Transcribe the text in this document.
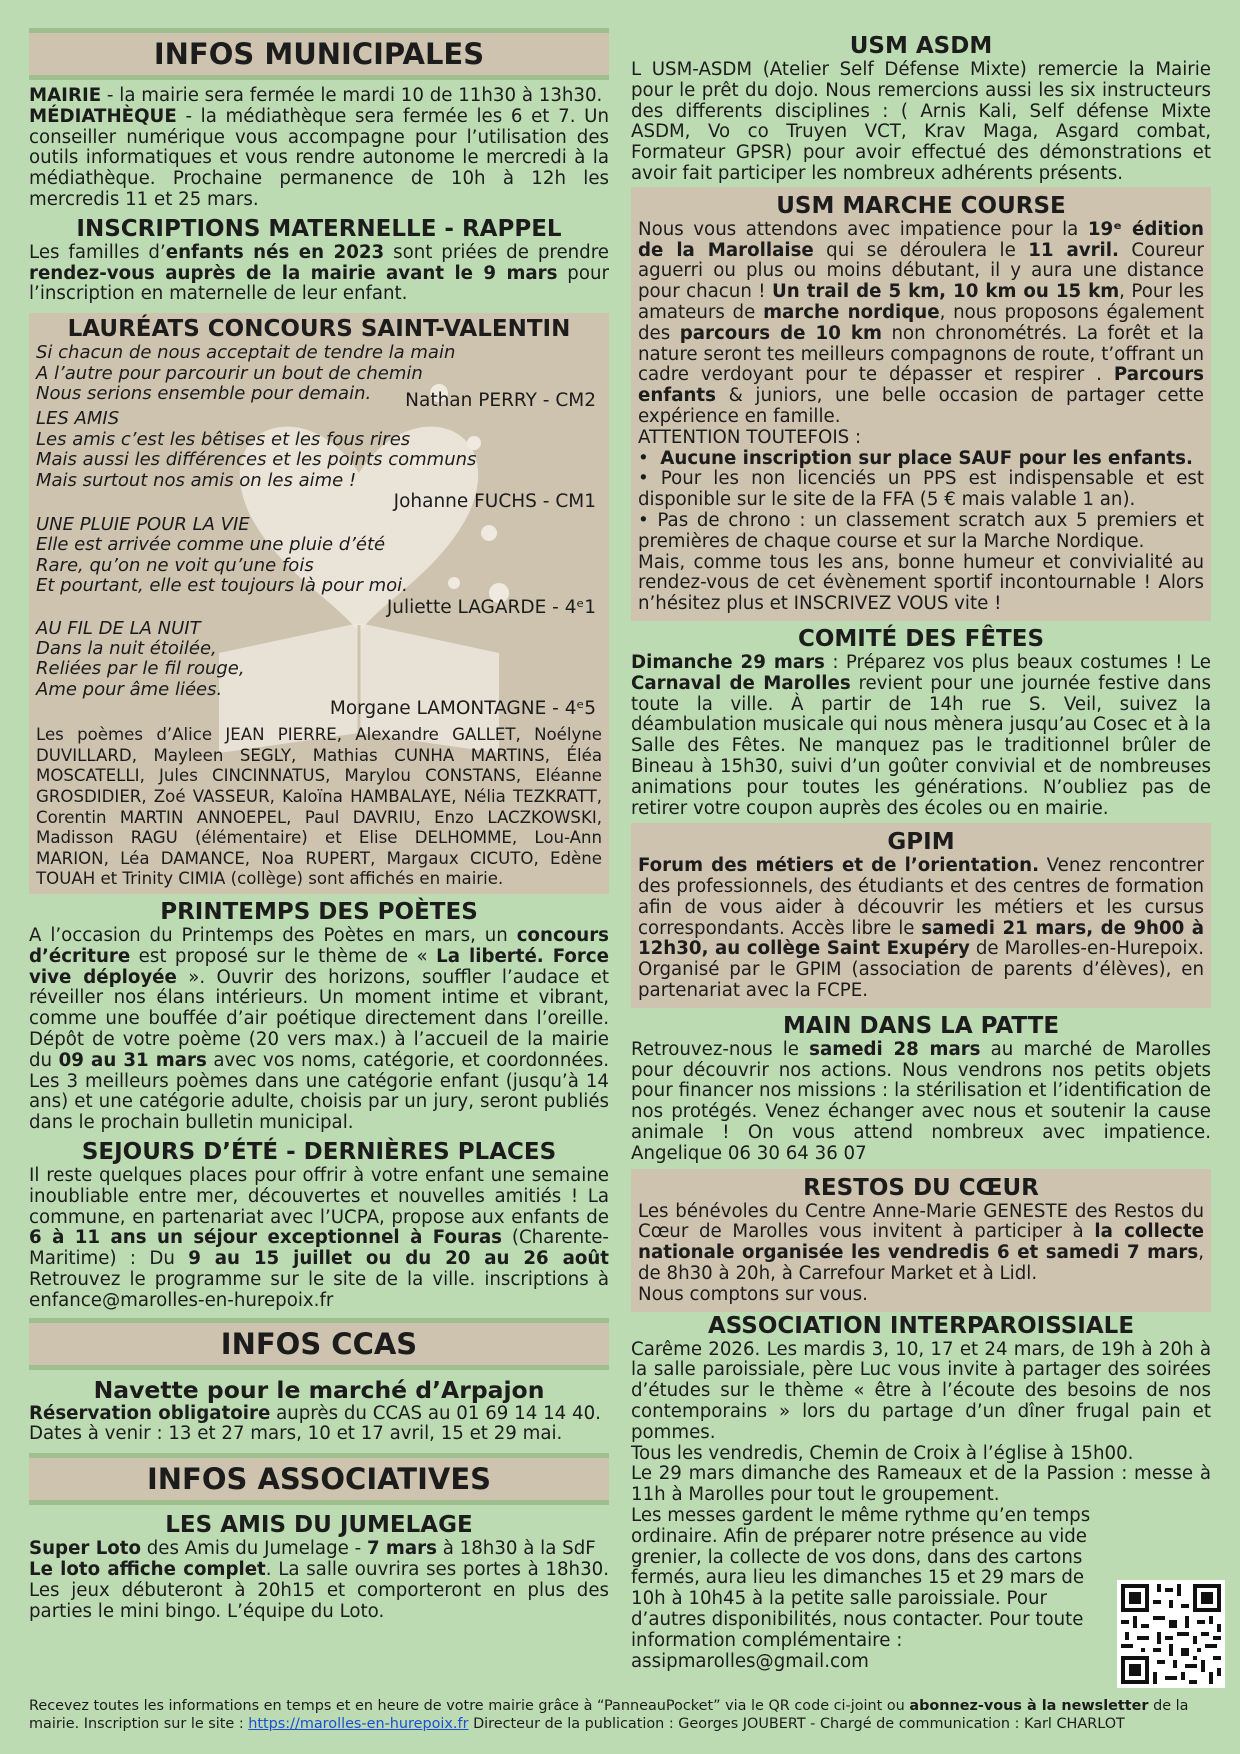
INFOS MUNICIPALES

MAIRIE - la mairie sera fermée le mardi 10 de 11h30 à 13h30.
MÉDIATHÈQUE - la médiathèque sera fermée les 6 et 7. Un conseiller numérique vous accompagne pour l’utilisation des outils informatiques et vous rendre autonome le mercredi à la médiathèque. Prochaine permanence de 10h à 12h les mercredis 11 et 25 mars.

INSCRIPTIONS MATERNELLE - RAPPEL

Les familles d’enfants nés en 2023 sont priées de prendre rendez-vous auprès de la mairie avant le 9 mars pour l’inscription en maternelle de leur enfant.

LAURÉATS CONCOURS SAINT-VALENTIN
Si chacun de nous acceptait de tendre la main
A l’autre pour parcourir un bout de chemin
Nous serions ensemble pour demain.	Nathan PERRY - CM2
LES AMIS
Les amis c’est les bêtises et les fous rires
Mais aussi les différences et les points communs
Mais surtout nos amis on les aime !
Johanne FUCHS - CM1
UNE PLUIE POUR LA VIE
Elle est arrivée comme une pluie d’été
Rare, qu’on ne voit qu’une fois
Et pourtant, elle est toujours là pour moi.
Juliette LAGARDE - 4ᵉ1
AU FIL DE LA NUIT
Dans la nuit étoilée,
Reliées par le fil rouge,
Ame pour âme liées.
Morgane LAMONTAGNE - 4ᵉ5
Les poèmes d’Alice JEAN PIERRE, Alexandre GALLET, Noélyne DUVILLARD, Mayleen SEGLY, Mathias CUNHA MARTINS, Éléa MOSCATELLI, Jules CINCINNATUS, Marylou CONSTANS, Eléanne GROSDIDIER, Zoé VASSEUR, Kaloïna HAMBALAYE, Nélia TEZKRATT, Corentin MARTIN ANNOEPEL, Paul DAVRIU, Enzo LACZKOWSKI, Madisson RAGU (élémentaire) et Elise DELHOMME, Lou-Ann MARION, Léa DAMANCE, Noa RUPERT, Margaux CICUTO, Edène TOUAH et Trinity CIMIA (collège) sont affichés en mairie.
PRINTEMPS DES POÈTES

A l’occasion du Printemps des Poètes en mars, un concours d’écriture est proposé sur le thème de « La liberté. Force vive déployée ». Ouvrir des horizons, souffler l’audace et réveiller nos élans intérieurs. Un moment intime et vibrant, comme une bouffée d’air poétique directement dans l’oreille. Dépôt de votre poème (20 vers max.) à l’accueil de la mairie du 09 au 31 mars avec vos noms, catégorie, et coordonnées. Les 3 meilleurs poèmes dans une catégorie enfant (jusqu’à 14 ans) et une catégorie adulte, choisis par un jury, seront publiés dans le prochain bulletin municipal.

SEJOURS D’ÉTÉ - DERNIÈRES PLACES

Il reste quelques places pour offrir à votre enfant une semaine inoubliable entre mer, découvertes et nouvelles amitiés ! La commune, en partenariat avec l’UCPA, propose aux enfants de 6 à 11 ans un séjour exceptionnel à Fouras (Charente-Maritime) : Du 9 au 15 juillet ou du 20 au 26 août Retrouvez le programme sur le site de la ville. inscriptions à enfance@marolles-en-hurepoix.fr

INFOS CCAS
Navette pour le marché d’Arpajon

Réservation obligatoire auprès du CCAS au 01 69 14 14 40.
Dates à venir : 13 et 27 mars, 10 et 17 avril, 15 et 29 mai.

INFOS ASSOCIATIVES
LES AMIS DU JUMELAGE

Super Loto des Amis du Jumelage - 7 mars à 18h30 à la SdF
Le loto affiche complet. La salle ouvrira ses portes à 18h30. Les jeux débuteront à 20h15 et comporteront en plus des parties le mini bingo. L’équipe du Loto.

USM ASDM

L USM-ASDM (Atelier Self Défense Mixte) remercie la Mairie pour le prêt du dojo. Nous remercions aussi les six instructeurs des differents disciplines : ( Arnis Kali, Self défense Mixte ASDM, Vo co Truyen VCT, Krav Maga, Asgard combat, Formateur GPSR) pour avoir effectué des démonstrations et avoir fait participer les nombreux adhérents présents.

USM MARCHE COURSE

Nous vous attendons avec impatience pour la 19ᵉ édition de la Marollaise qui se déroulera le 11 avril. Coureur aguerri ou plus ou moins débutant, il y aura une distance pour chacun ! Un trail de 5 km, 10 km ou 15 km, Pour les amateurs de marche nordique, nous proposons également des parcours de 10 km non chronométrés. La forêt et la nature seront tes meilleurs compagnons de route, t’offrant un cadre verdoyant pour te dépasser et respirer . Parcours enfants & juniors, une belle occasion de partager cette expérience en famille.

ATTENTION TOUTEFOIS :

•  Aucune inscription sur place SAUF pour les enfants.

• Pour les non licenciés un PPS est indispensable et est disponible sur le site de la FFA (5 € mais valable 1 an).

• Pas de chrono : un classement scratch aux 5 premiers et premières de chaque course et sur la Marche Nordique.

Mais, comme tous les ans, bonne humeur et convivialité au rendez-vous de cet évènement sportif incontournable ! Alors n’hésitez plus et INSCRIVEZ VOUS vite !

COMITÉ DES FÊTES

Dimanche 29 mars : Préparez vos plus beaux costumes ! Le Carnaval de Marolles revient pour une journée festive dans toute la ville. À partir de 14h rue S. Veil, suivez la déambulation musicale qui nous mènera jusqu’au Cosec et à la Salle des Fêtes. Ne manquez pas le traditionnel brûler de Bineau à 15h30, suivi d’un goûter convivial et de nombreuses animations pour toutes les générations. N’oubliez pas de retirer votre coupon auprès des écoles ou en mairie.

GPIM

Forum des métiers et de l’orientation. Venez rencontrer des professionnels, des étudiants et des centres de formation afin de vous aider à découvrir les métiers et les cursus correspondants. Accès libre le samedi 21 mars, de 9h00 à 12h30, au collège Saint Exupéry de Marolles-en-Hurepoix. Organisé par le GPIM (association de parents d’élèves), en partenariat avec la FCPE.

MAIN DANS LA PATTE

Retrouvez-nous le samedi 28 mars au marché de Marolles pour découvrir nos actions. Nous vendrons nos petits objets pour financer nos missions : la stérilisation et l’identification de nos protégés. Venez échanger avec nous et soutenir la cause animale ! On vous attend nombreux avec impatience. Angelique 06 30 64 36 07

RESTOS DU CŒUR

Les bénévoles du Centre Anne-Marie GENESTE des Restos du Cœur de Marolles vous invitent à participer à la collecte nationale organisée les vendredis 6 et samedi 7 mars, de 8h30 à 20h, à Carrefour Market et à Lidl.

Nous comptons sur vous.

ASSOCIATION INTERPAROISSIALE

Carême 2026. Les mardis 3, 10, 17 et 24 mars, de 19h à 20h à la salle paroissiale, père Luc vous invite à partager des soirées d’études sur le thème « être à l’écoute des besoins de nos contemporains » lors du partage d’un dîner frugal pain et pommes.

Tous les vendredis, Chemin de Croix à l’église à 15h00.

Le 29 mars dimanche des Rameaux et de la Passion : messe à 11h à Marolles pour tout le groupement.

Les messes gardent le même rythme qu’en temps ordinaire. Afin de préparer notre présence au vide grenier, la collecte de vos dons, dans des cartons fermés, aura lieu les dimanches 15 et 29 mars de 10h à 10h45 à la petite salle paroissiale. Pour d’autres disponibilités, nous contacter. Pour toute information complémentaire : assipmarolles@gmail.com

Recevez toutes les informations en temps et en heure de votre mairie grâce à “PanneauPocket” via le QR code ci-joint ou abonnez-vous à la newsletter de la mairie. Inscription sur le site : https://marolles-en-hurepoix.fr Directeur de la publication : Georges JOUBERT - Chargé de communication : Karl CHARLOT
